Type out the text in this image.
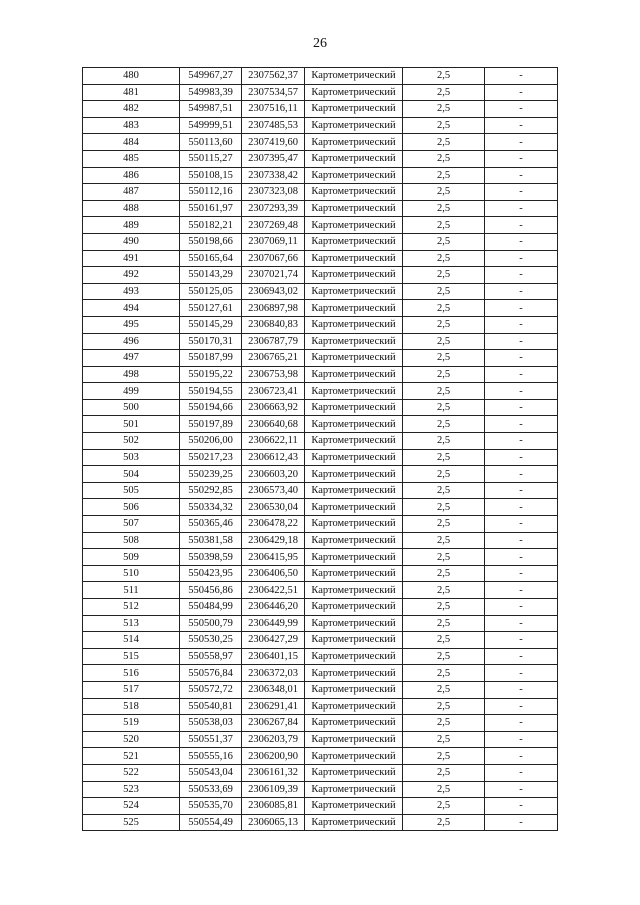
26
480	549967,27	2307562,37	Картометрический	2,5	-
481	549983,39	2307534,57	Картометрический	2,5	-
482	549987,51	2307516,11	Картометрический	2,5	-
483	549999,51	2307485,53	Картометрический	2,5	-
484	550113,60	2307419,60	Картометрический	2,5	-
485	550115,27	2307395,47	Картометрический	2,5	-
486	550108,15	2307338,42	Картометрический	2,5	-
487	550112,16	2307323,08	Картометрический	2,5	-
488	550161,97	2307293,39	Картометрический	2,5	-
489	550182,21	2307269,48	Картометрический	2,5	-
490	550198,66	2307069,11	Картометрический	2,5	-
491	550165,64	2307067,66	Картометрический	2,5	-
492	550143,29	2307021,74	Картометрический	2,5	-
493	550125,05	2306943,02	Картометрический	2,5	-
494	550127,61	2306897,98	Картометрический	2,5	-
495	550145,29	2306840,83	Картометрический	2,5	-
496	550170,31	2306787,79	Картометрический	2,5	-
497	550187,99	2306765,21	Картометрический	2,5	-
498	550195,22	2306753,98	Картометрический	2,5	-
499	550194,55	2306723,41	Картометрический	2,5	-
500	550194,66	2306663,92	Картометрический	2,5	-
501	550197,89	2306640,68	Картометрический	2,5	-
502	550206,00	2306622,11	Картометрический	2,5	-
503	550217,23	2306612,43	Картометрический	2,5	-
504	550239,25	2306603,20	Картометрический	2,5	-
505	550292,85	2306573,40	Картометрический	2,5	-
506	550334,32	2306530,04	Картометрический	2,5	-
507	550365,46	2306478,22	Картометрический	2,5	-
508	550381,58	2306429,18	Картометрический	2,5	-
509	550398,59	2306415,95	Картометрический	2,5	-
510	550423,95	2306406,50	Картометрический	2,5	-
511	550456,86	2306422,51	Картометрический	2,5	-
512	550484,99	2306446,20	Картометрический	2,5	-
513	550500,79	2306449,99	Картометрический	2,5	-
514	550530,25	2306427,29	Картометрический	2,5	-
515	550558,97	2306401,15	Картометрический	2,5	-
516	550576,84	2306372,03	Картометрический	2,5	-
517	550572,72	2306348,01	Картометрический	2,5	-
518	550540,81	2306291,41	Картометрический	2,5	-
519	550538,03	2306267,84	Картометрический	2,5	-
520	550551,37	2306203,79	Картометрический	2,5	-
521	550555,16	2306200,90	Картометрический	2,5	-
522	550543,04	2306161,32	Картометрический	2,5	-
523	550533,69	2306109,39	Картометрический	2,5	-
524	550535,70	2306085,81	Картометрический	2,5	-
525	550554,49	2306065,13	Картометрический	2,5	-
